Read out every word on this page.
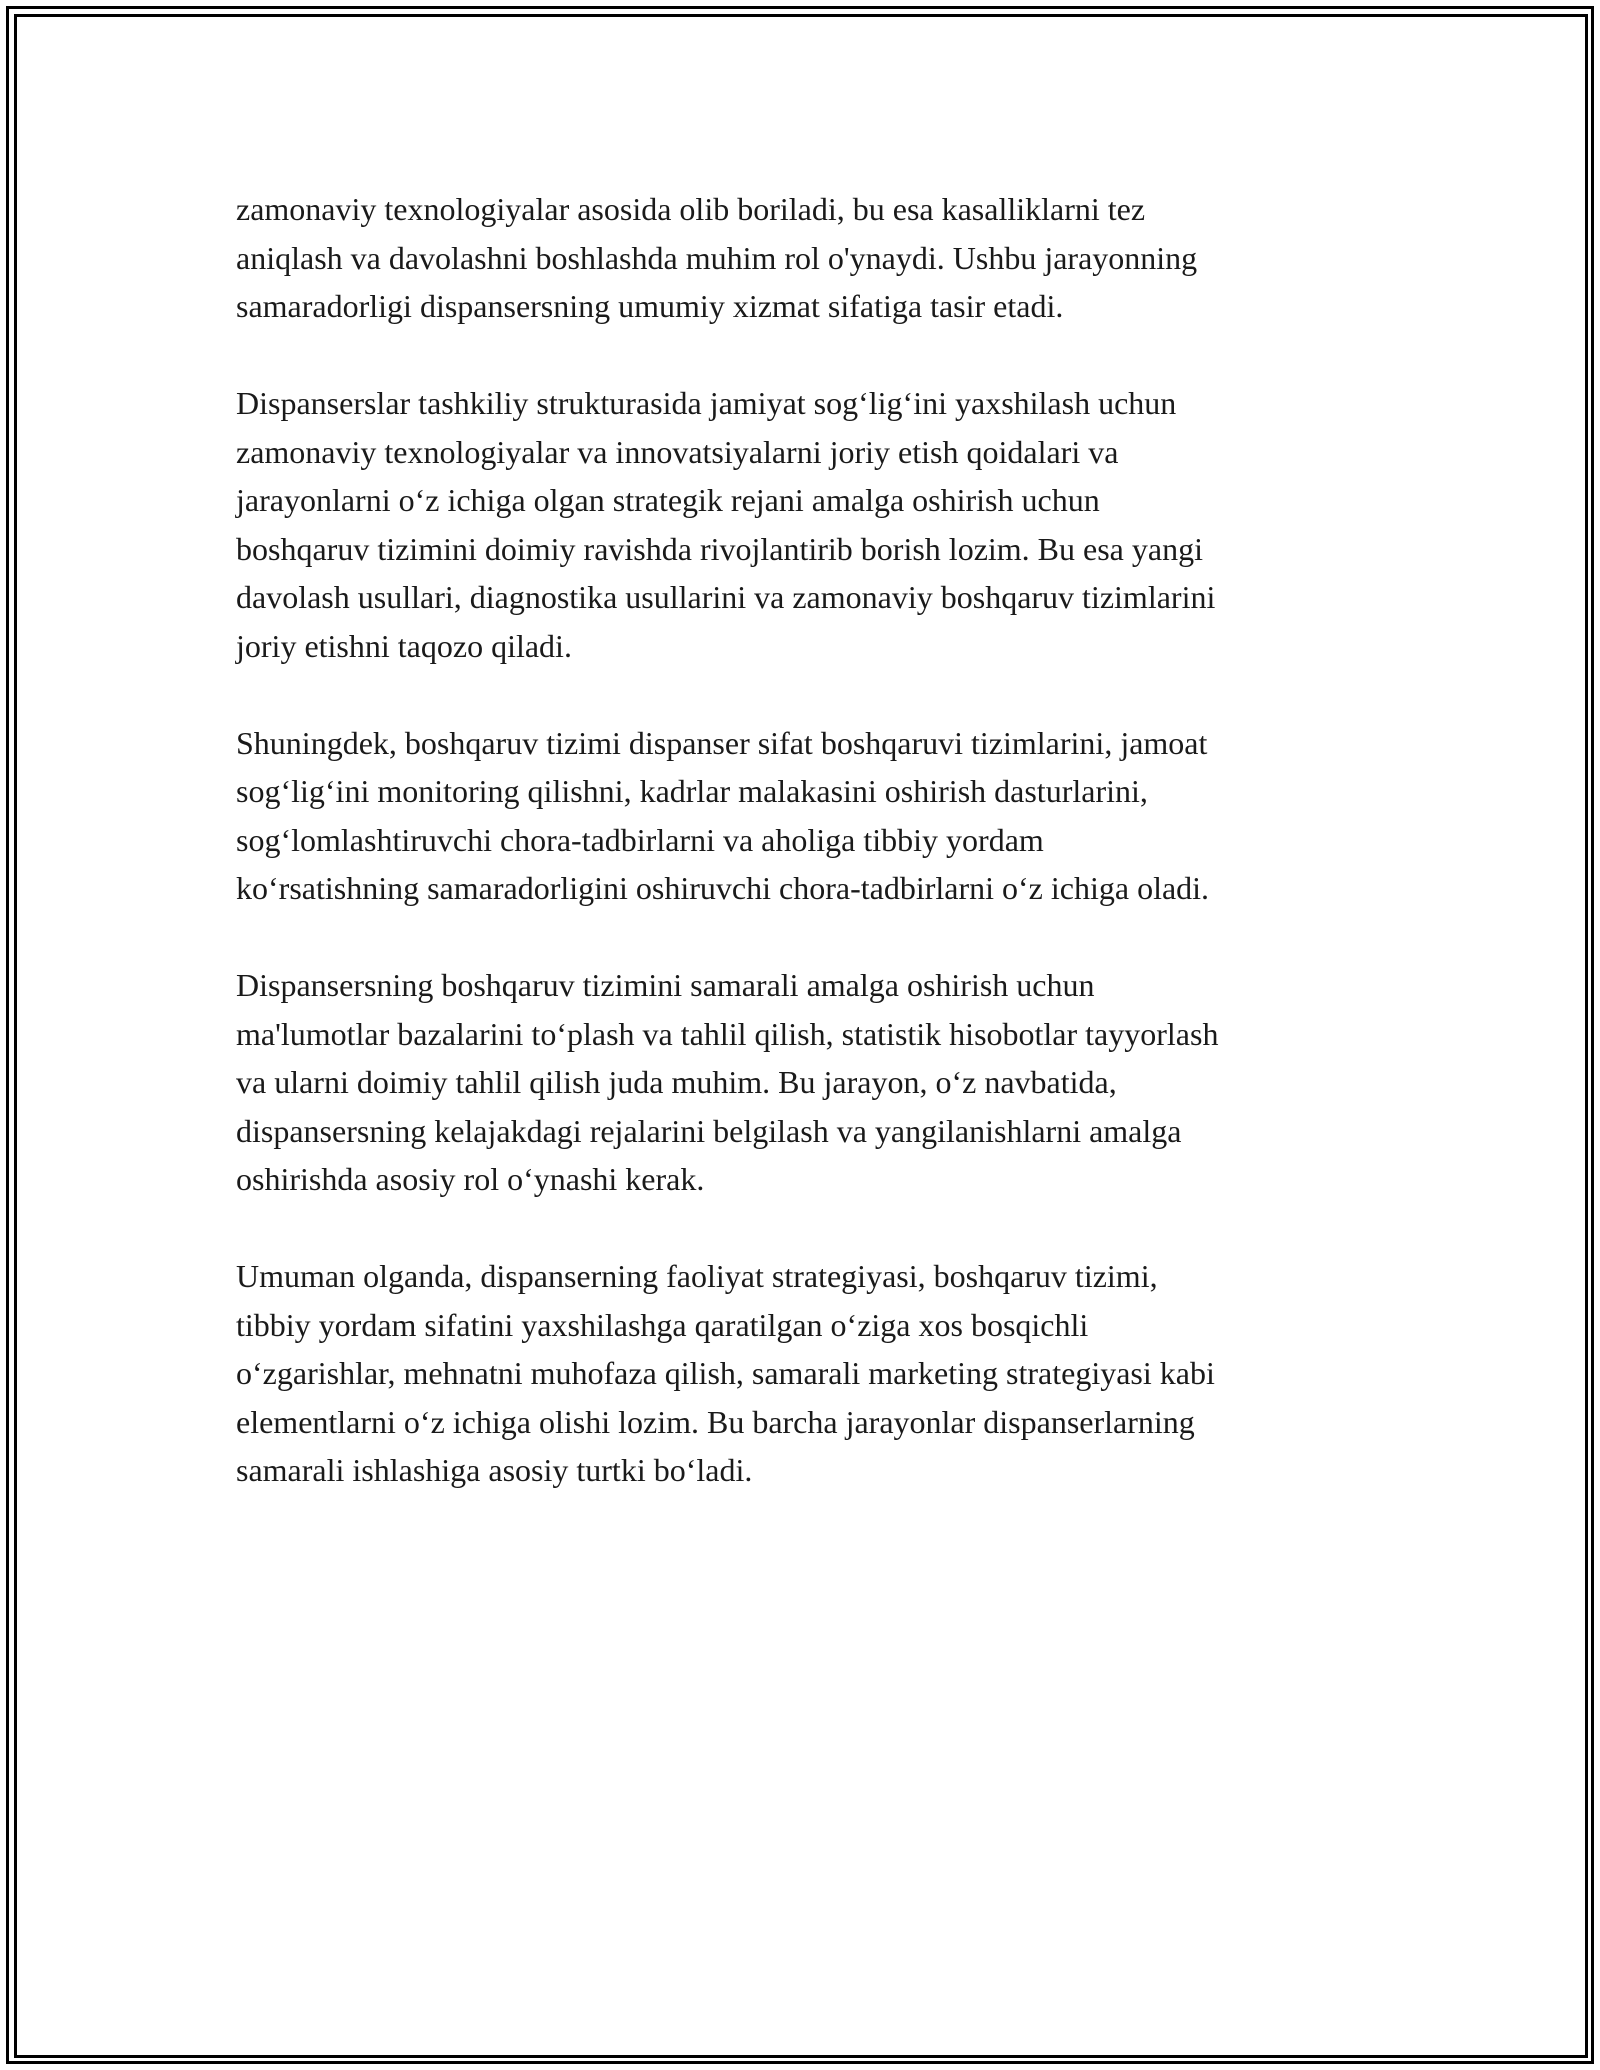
zamonaviy texnologiyalar asosida olib boriladi, bu esa kasalliklarni tez
aniqlash va davolashni boshlashda muhim rol o'ynaydi. Ushbu jarayonning
samaradorligi dispansersning umumiy xizmat sifatiga tasir etadi.

Dispanserslar tashkiliy strukturasida jamiyat sog‘lig‘ini yaxshilash uchun
zamonaviy texnologiyalar va innovatsiyalarni joriy etish qoidalari va
jarayonlarni o‘z ichiga olgan strategik rejani amalga oshirish uchun
boshqaruv tizimini doimiy ravishda rivojlantirib borish lozim. Bu esa yangi
davolash usullari, diagnostika usullarini va zamonaviy boshqaruv tizimlarini
joriy etishni taqozo qiladi.

Shuningdek, boshqaruv tizimi dispanser sifat boshqaruvi tizimlarini, jamoat
sog‘lig‘ini monitoring qilishni, kadrlar malakasini oshirish dasturlarini,
sog‘lomlashtiruvchi chora-tadbirlarni va aholiga tibbiy yordam
ko‘rsatishning samaradorligini oshiruvchi chora-tadbirlarni o‘z ichiga oladi.

Dispansersning boshqaruv tizimini samarali amalga oshirish uchun
ma'lumotlar bazalarini to‘plash va tahlil qilish, statistik hisobotlar tayyorlash
va ularni doimiy tahlil qilish juda muhim. Bu jarayon, o‘z navbatida,
dispansersning kelajakdagi rejalarini belgilash va yangilanishlarni amalga
oshirishda asosiy rol o‘ynashi kerak.

Umuman olganda, dispanserning faoliyat strategiyasi, boshqaruv tizimi,
tibbiy yordam sifatini yaxshilashga qaratilgan o‘ziga xos bosqichli
o‘zgarishlar, mehnatni muhofaza qilish, samarali marketing strategiyasi kabi
elementlarni o‘z ichiga olishi lozim. Bu barcha jarayonlar dispanserlarning
samarali ishlashiga asosiy turtki bo‘ladi.
